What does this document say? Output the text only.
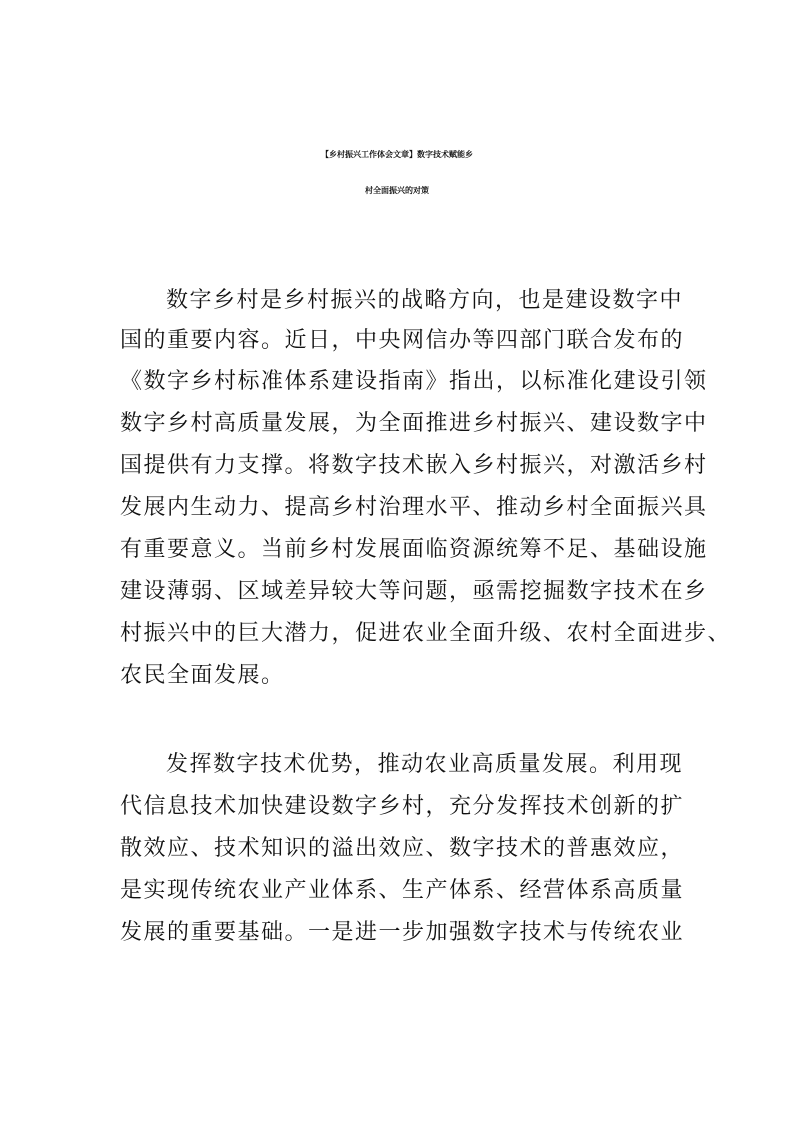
【乡村振兴工作体会文章】数字技术赋能乡
村全面振兴的对策
数字乡村是乡村振兴的战略方向，也是建设数字中
国的重要内容。近日，中央网信办等四部门联合发布的
《数字乡村标准体系建设指南》指出，以标准化建设引领
数字乡村高质量发展，为全面推进乡村振兴、建设数字中
国提供有力支撑。将数字技术嵌入乡村振兴，对激活乡村
发展内生动力、提高乡村治理水平、推动乡村全面振兴具
有重要意义。当前乡村发展面临资源统筹不足、基础设施
建设薄弱、区域差异较大等问题，亟需挖掘数字技术在乡
村振兴中的巨大潜力，促进农业全面升级、农村全面进步、
农民全面发展。
发挥数字技术优势，推动农业高质量发展。利用现
代信息技术加快建设数字乡村，充分发挥技术创新的扩
散效应、技术知识的溢出效应、数字技术的普惠效应，
是实现传统农业产业体系、生产体系、经营体系高质量
发展的重要基础。一是进一步加强数字技术与传统农业
